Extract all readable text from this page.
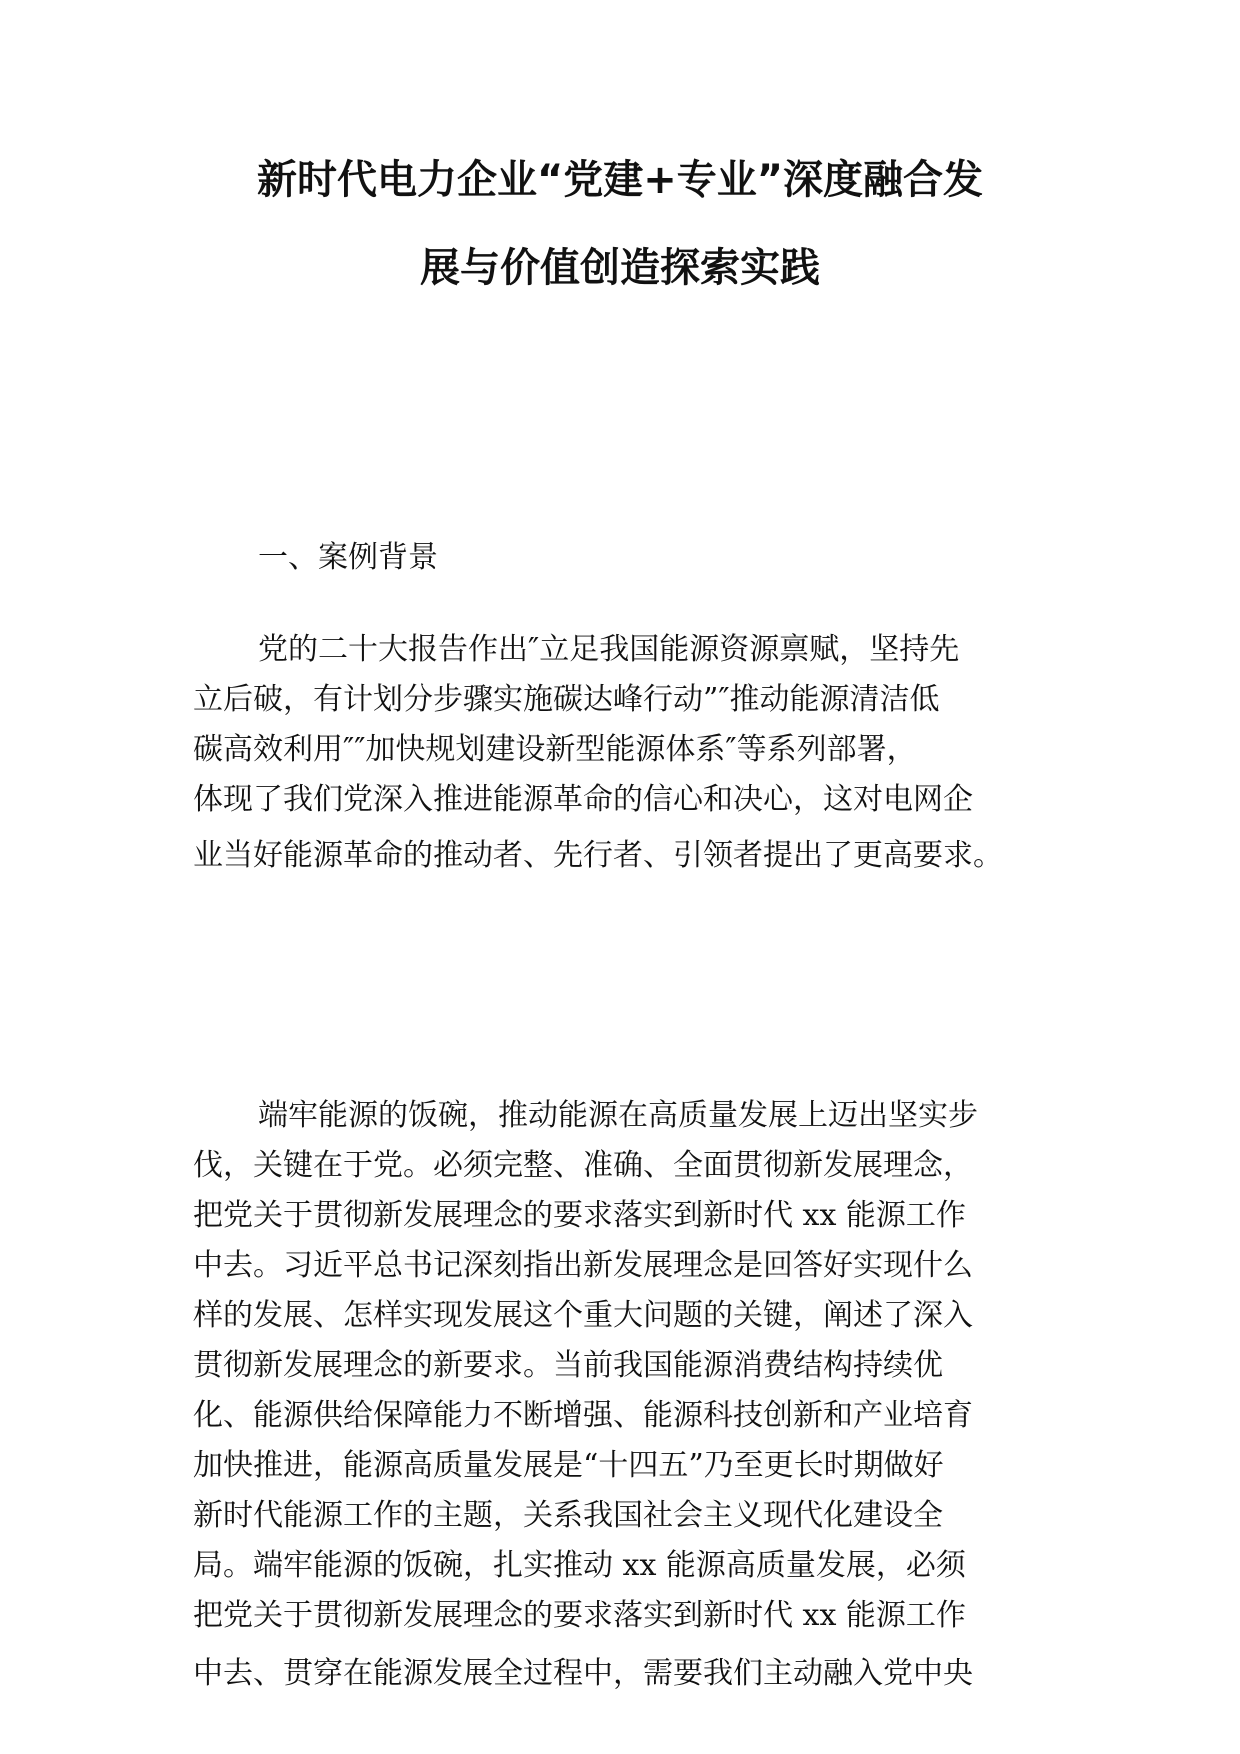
新时代电力企业“党建+专业”深度融合发
展与价值创造探索实践
一、案例背景
党的二十大报告作出″立足我国能源资源禀赋，坚持先
立后破，有计划分步骤实施碳达峰行动”″推动能源清洁低
碳高效利用″″加快规划建设新型能源体系″等系列部署，
体现了我们党深入推进能源革命的信心和决心，这对电网企
业当好能源革命的推动者、先行者、引领者提出了更高要求。
端牢能源的饭碗，推动能源在高质量发展上迈出坚实步
伐，关键在于党。必须完整、准确、全面贯彻新发展理念，
把党关于贯彻新发展理念的要求落实到新时代 xx 能源工作
中去。习近平总书记深刻指出新发展理念是回答好实现什么
样的发展、怎样实现发展这个重大问题的关键，阐述了深入
贯彻新发展理念的新要求。当前我国能源消费结构持续优
化、能源供给保障能力不断增强、能源科技创新和产业培育
加快推进，能源高质量发展是“十四五”乃至更长时期做好
新时代能源工作的主题，关系我国社会主义现代化建设全
局。端牢能源的饭碗，扎实推动 xx 能源高质量发展，必须
把党关于贯彻新发展理念的要求落实到新时代 xx 能源工作
中去、贯穿在能源发展全过程中，需要我们主动融入党中央
